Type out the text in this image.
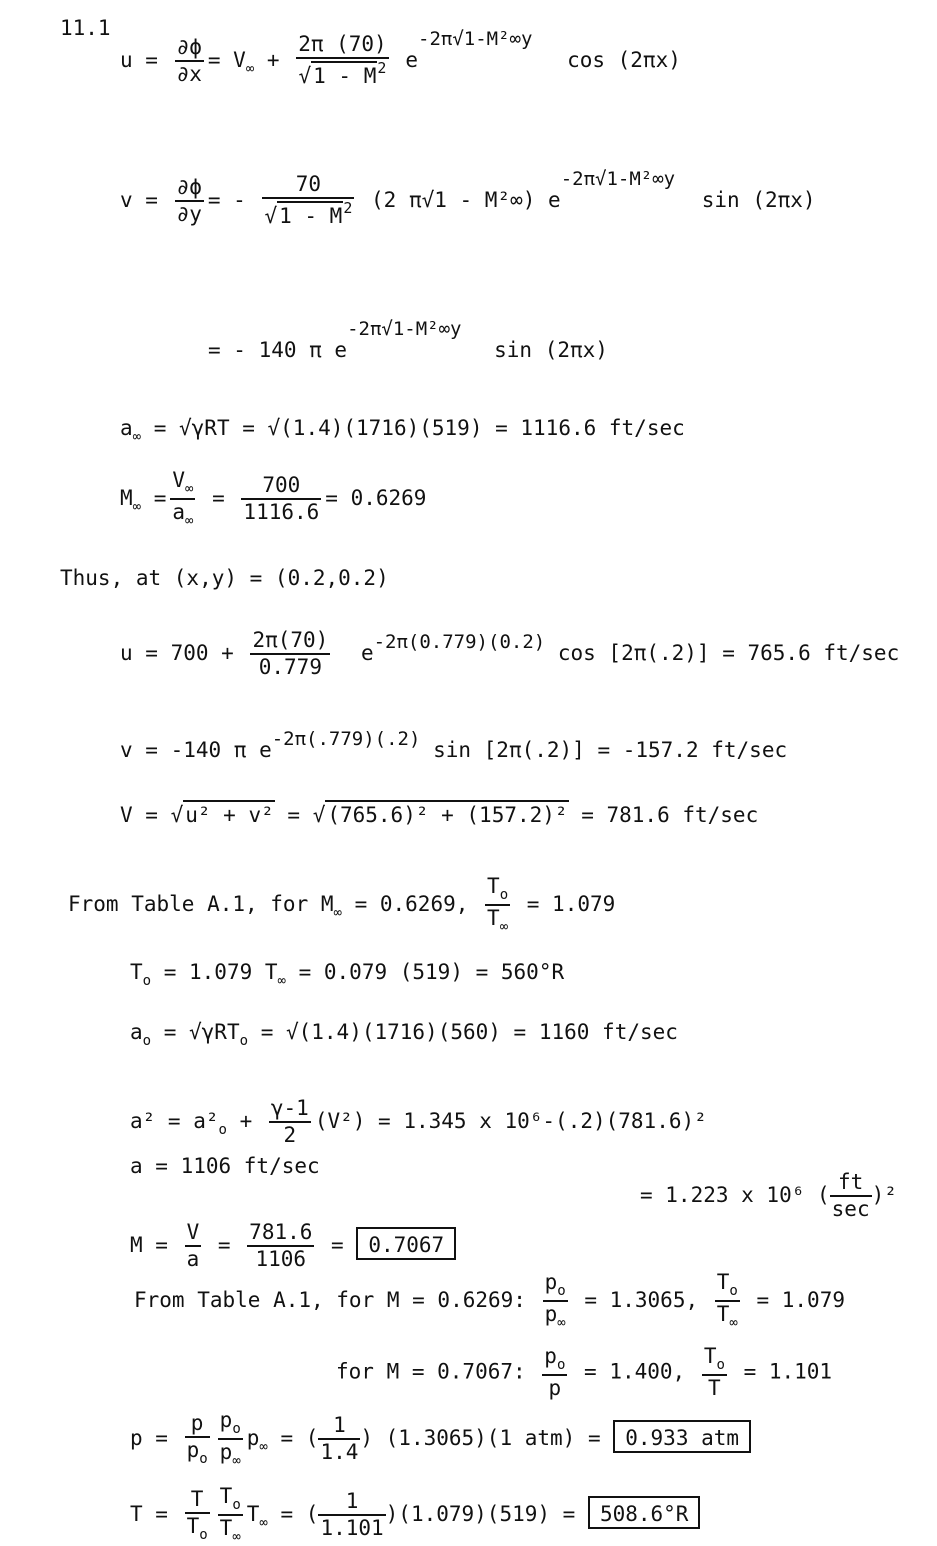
11.1
$u = \frac{\partial\phi}{\partial x} = V_\infty + \frac{2\pi (70)}{√1 - M^2} e-2\pi√1-M^2\infty y$ cos (2πx)
$v = \frac{\partial\phi}{\partial y}$ = - $\frac{70}{√1 - M^2} (2$ π√1 - M²∞) e-2π√1-M²∞y sin (2πx)
= - 140 π e-2π√1-M²∞y sin (2πx)
$a_\infty = √\gamma RT = √(1.4)(1716)(519) = 1116.6$ ft/sec
$M_\infty = \frac{V_\infty}{a_\infty} = \frac{700}{1116.6} = 0.6269$
Thus, at (x,y) = (0.2,0.2)
$u = 700 + \frac{2\pi(70)}{0.779} e-2\pi(0.779)(0.2)$ cos [2π(.2)] = 765.6 ft/sec
v = -140 π e-2π(.779)(.2) sin [2π(.2)] = -157.2 ft/sec
V = √u² + v² = √(765.6)² + (157.2)² = 781.6 ft/sec
From Table A.1, for $M_\infty = 0.6269$, $\frac{T_o}{T_\infty} = 1.079$
$T_o = 1.079$ $T_\infty = 0.079$ (519) = 560°R
$a_o = √\gamma RT_o = √(1.4)(1716)(560) = 1160$ ft/sec
$a^2 = a^2_o + \frac{\gamma-1}{2} (V^2) = 1.345$ x 10⁶-(.2)(781.6)²
a = 1106 ft/sec
= 1.223 x 10⁶ (
ft
sec
)²
$M = \frac{V}{a} = \frac{781.6}{1106} = 0.7067$
From Table A.1, for M = 0.6269: $\frac{p_o}{p_\infty} = 1.3065$, $\frac{T_o}{T_\infty} = 1.079$
for M = 0.7067: $\frac{p_o}{p} = 1.400$, $\frac{T_o}{T} = 1.101$
$p = \frac{p}{p_o} \frac{p_o}{p_\infty} p_\infty$ = ( $\frac{1}{1.4}$ ) (1.3065)(1 atm) = 0.933 atm
$T = \frac{T}{T_o} \frac{T_o}{T_\infty} T_\infty$ = ( $\frac{1}{1.101} )(1.079)(519) = 508.6^\circ R$
